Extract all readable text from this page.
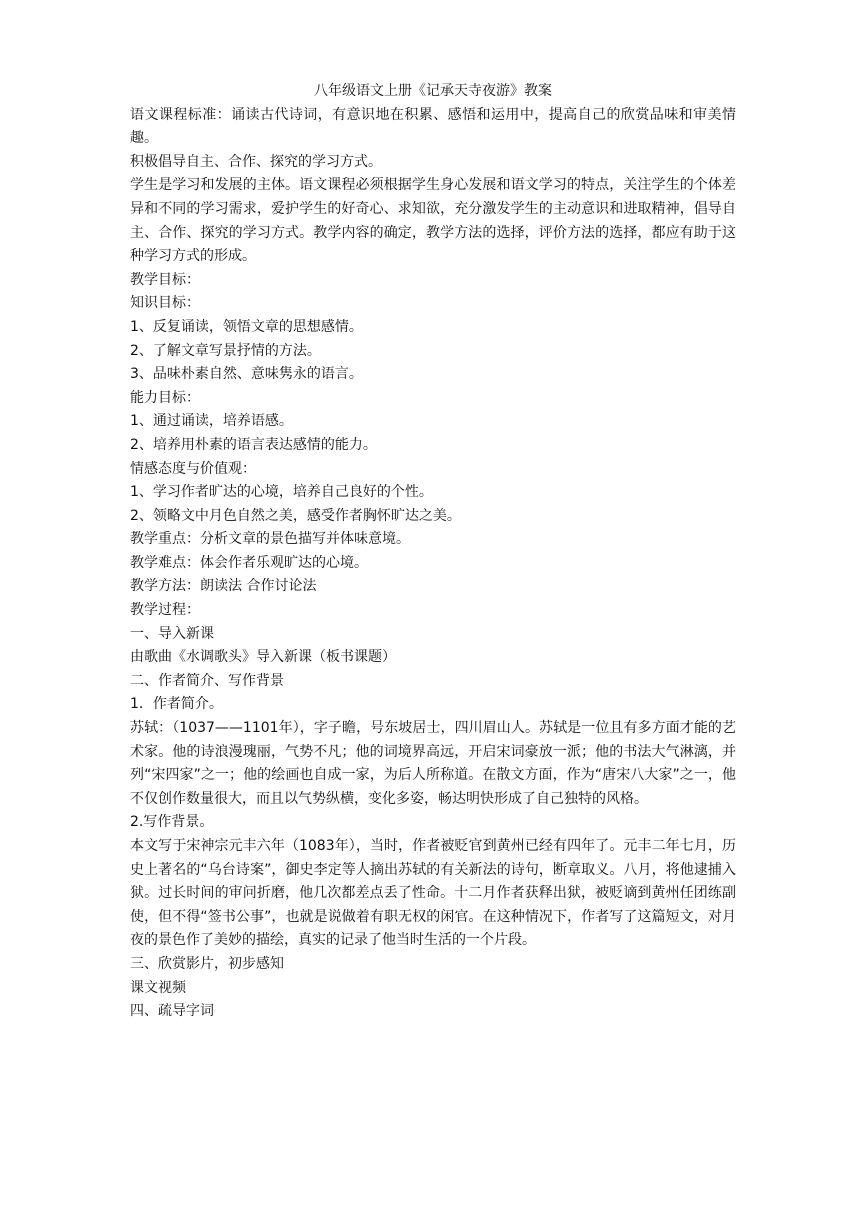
八年级语文上册《记承天寺夜游》教案
语文课程标准：诵读古代诗词，有意识地在积累、感悟和运用中，提高自己的欣赏品味和审美情趣。
积极倡导自主、合作、探究的学习方式。
学生是学习和发展的主体。语文课程必须根据学生身心发展和语文学习的特点，关注学生的个体差异和不同的学习需求，爱护学生的好奇心、求知欲，充分激发学生的主动意识和进取精神，倡导自主、合作、探究的学习方式。教学内容的确定，教学方法的选择，评价方法的选择，都应有助于这种学习方式的形成。
教学目标：
知识目标：
1、反复诵读，领悟文章的思想感情。
2、了解文章写景抒情的方法。
3、品味朴素自然、意味隽永的语言。
能力目标：
1、通过诵读，培养语感。
2、培养用朴素的语言表达感情的能力。
情感态度与价值观：
1、学习作者旷达的心境，培养自己良好的个性。
2、领略文中月色自然之美，感受作者胸怀旷达之美。
教学重点：分析文章的景色描写并体味意境。
教学难点：体会作者乐观旷达的心境。
教学方法：朗读法 合作讨论法
教学过程：
一、导入新课
由歌曲《水调歌头》导入新课（板书课题）
二、作者简介、写作背景
1．作者简介。
苏轼：（1037——1101年），字子瞻，号东坡居士，四川眉山人。苏轼是一位且有多方面才能的艺术家。他的诗浪漫瑰丽，气势不凡；他的词境界高远，开启宋词豪放一派；他的书法大气淋漓，并列“宋四家”之一；他的绘画也自成一家，为后人所称道。在散文方面，作为“唐宋八大家”之一，他不仅创作数量很大，而且以气势纵横，变化多姿，畅达明快形成了自己独特的风格。
2.写作背景。
本文写于宋神宗元丰六年（1083年），当时，作者被贬官到黄州已经有四年了。元丰二年七月，历史上著名的“乌台诗案”，御史李定等人摘出苏轼的有关新法的诗句，断章取义。八月，将他逮捕入狱。过长时间的审问折磨，他几次都差点丢了性命。十二月作者获释出狱，被贬谪到黄州任团练副使，但不得“签书公事”，也就是说做着有职无权的闲官。在这种情况下，作者写了这篇短文，对月夜的景色作了美妙的描绘，真实的记录了他当时生活的一个片段。
三、欣赏影片，初步感知
课文视频
四、疏导字词
